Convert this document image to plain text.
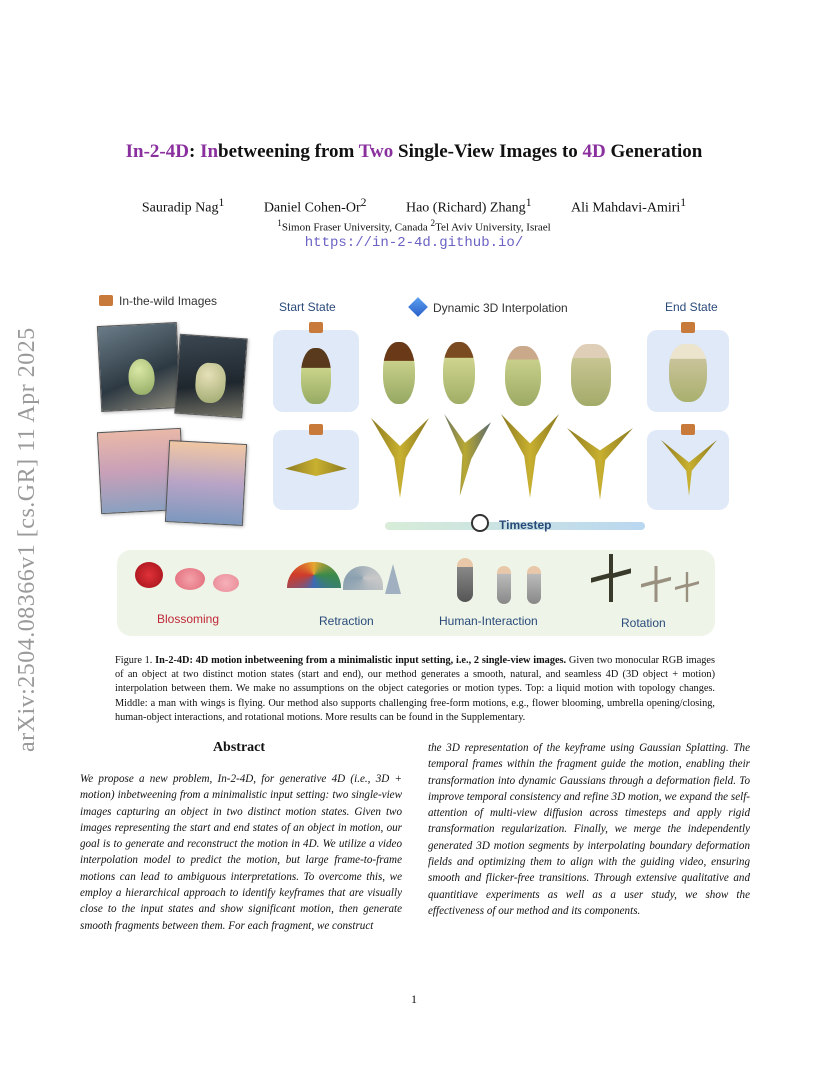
arXiv:2504.08366v1 [cs.GR] 11 Apr 2025
In-2-4D: Inbetweening from Two Single-View Images to 4D Generation
Sauradip Nag$^1$	Daniel Cohen-Or$^2$	Hao (Richard) Zhang$^1$	Ali Mahdavi-Amiri$^1$
$^1$Simon Fraser University, Canada $^2$Tel Aviv University, Israel
https://in-2-4d.github.io/
In-the-wild Images	Start State	Dynamic 3D Interpolation	End State
Timestep
Blossoming	Retraction	Human-Interaction	Rotation
Figure 1. In-2-4D: 4D motion inbetweening from a minimalistic input setting, i.e., 2 single-view images. Given two monocular RGB images of an object at two distinct motion states (start and end), our method generates a smooth, natural, and seamless 4D (3D object + motion) interpolation between them. We make no assumptions on the object categories or motion types. Top: a liquid motion with topology changes. Middle: a man with wings is flying. Our method also supports challenging free-form motions, e.g., flower blooming, umbrella opening/closing, human-object interactions, and rotational motions. More results can be found in the Supplementary.
Abstract
We propose a new problem, In-2-4D, for generative 4D (i.e., 3D + motion) inbetweening from a minimalistic input setting: two single-view images capturing an object in two distinct motion states. Given two images representing the start and end states of an object in motion, our goal is to generate and reconstruct the motion in 4D. We utilize a video interpolation model to predict the motion, but large frame-to-frame motions can lead to ambiguous interpretations. To overcome this, we employ a hierarchical approach to identify keyframes that are visually close to the input states and show significant motion, then generate smooth fragments between them. For each fragment, we construct
the 3D representation of the keyframe using Gaussian Splatting. The temporal frames within the fragment guide the motion, enabling their transformation into dynamic Gaussians through a deformation field. To improve temporal consistency and refine 3D motion, we expand the self-attention of multi-view diffusion across timesteps and apply rigid transformation regularization. Finally, we merge the independently generated 3D motion segments by interpolating boundary deformation fields and optimizing them to align with the guiding video, ensuring smooth and flicker-free transitions. Through extensive qualitative and quantitiave experiments as well as a user study, we show the effectiveness of our method and its components.
1
